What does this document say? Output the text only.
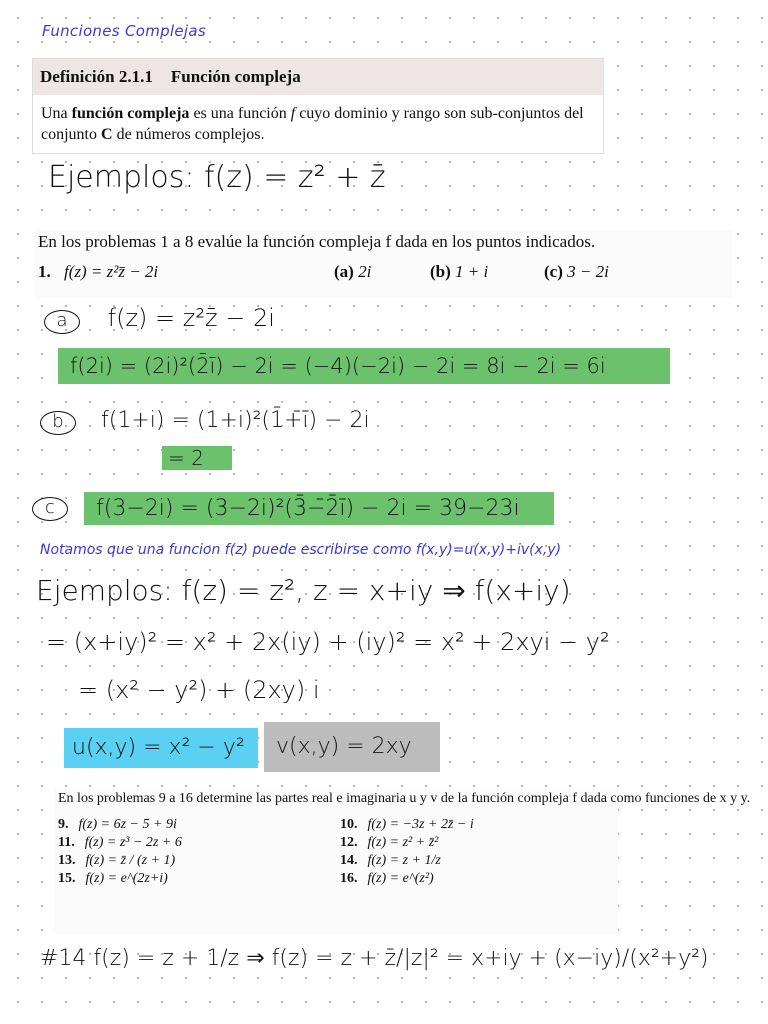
Funciones Complejas
Definición 2.1.1 Función compleja
Una función compleja es una función f cuyo dominio y rango son sub-conjuntos del conjunto C de números complejos.
Ejemplos: f(z) = z² + z̄
En los problemas 1 a 8 evalúe la función compleja f dada en los puntos indicados.
1. f(z) = z²z̄ − 2i	(a) 2i	(b) 1 + i	(c) 3 − 2i
a f(z) = z²z̄ − 2i
f(2i) = (2i)²(2̄ī) − 2i = (−4)(−2i) − 2i = 8i − 2i = 6i
b f(1+i) = (1+i)²(1̄+̄ī) − 2i
= 2
c	f(3−2i) = (3−2i)²(3̄−̄2̄ī) − 2i = 39−23i
Notamos que una funcion f(z) puede escribirse como f(x,y)=u(x,y)+iv(x,y)
Ejemplos: f(z) = z², z = x+iy ⇒ f(x+iy)
= (x+iy)² = x² + 2x(iy) + (iy)² = x² + 2xyi − y²
= (x² − y²) + (2xy) i
u(x,y) = x² − y²	v(x,y) = 2xy
En los problemas 9 a 16 determine las partes real e imaginaria u y v de la función compleja f dada como funciones de x y y.
9. f(z) = 6z − 5 + 9i	10. f(z) = −3z + 2z̄ − i
11. f(z) = z³ − 2z + 6	12. f(z) = z² + z̄²
13. f(z) = z̄ / (z + 1)	14. f(z) = z + 1/z
15. f(z) = e^(2z+i)	16. f(z) = e^(z²)
#14 f(z) = z + 1/z ⇒ f(z) = z + z̄/|z|² = x+iy + (x−iy)/(x²+y²)
